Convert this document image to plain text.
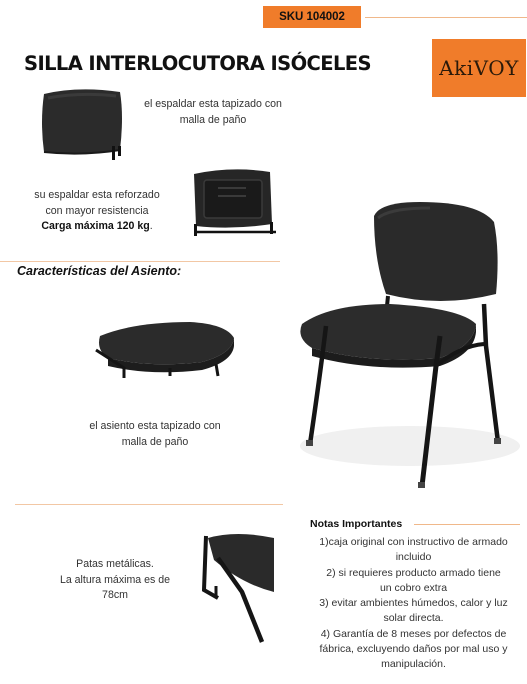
SKU 104002
SILLA INTERLOCUTORA ISÓCELES	AkiVOY
el espaldar esta tapizado con
malla de paño
su espaldar esta reforzado
con mayor resistencia
Carga máxima 120 kg.
Características del Asiento:
el asiento esta tapizado con
malla de paño
Patas metálicas.
La altura máxima es de
78cm
Notas Importantes
1)caja original con instructivo de armado
incluido
2) si requieres producto armado tiene
un cobro extra
3) evitar ambientes húmedos, calor y luz
solar directa.
4) Garantía de 8 meses por defectos de
fábrica, excluyendo daños por mal uso y
manipulación.
